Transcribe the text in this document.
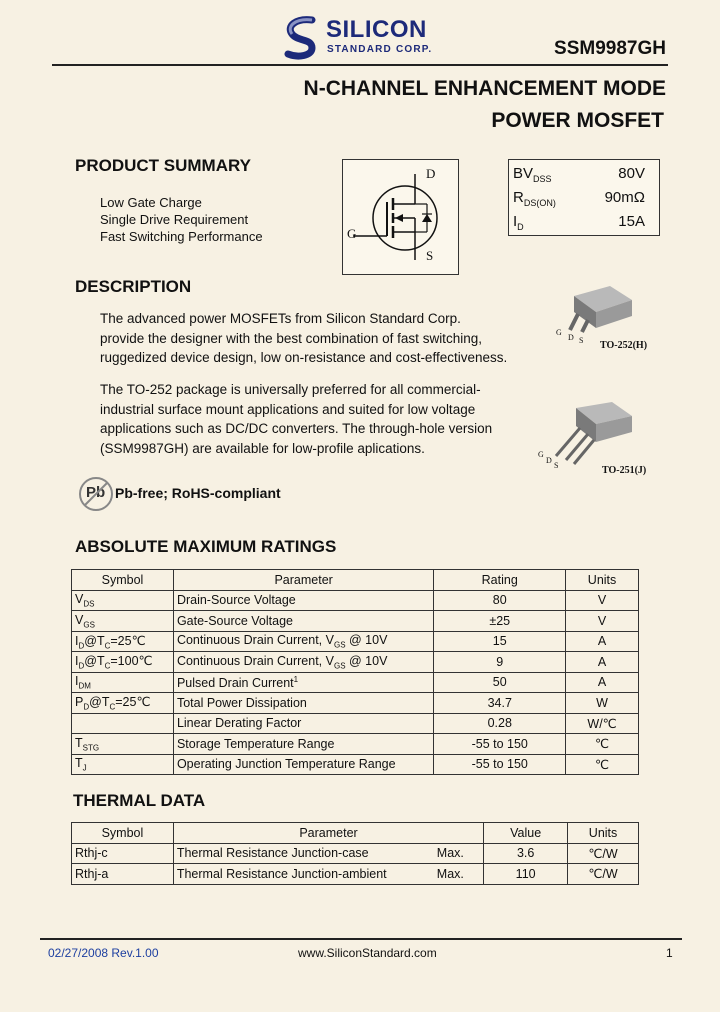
SILICON
STANDARD CORP.	SSM9987GH
N-CHANNEL ENHANCEMENT MODE
POWER MOSFET
PRODUCT SUMMARY
Low Gate Charge
Single Drive Requirement
Fast Switching Performance
D
G
S
$BV_{DSS}$	80V
$R_{DS(ON)}$	90mΩ
$I_D$	15A
DESCRIPTION
The advanced power MOSFETs from Silicon Standard Corp.
provide the designer with the best combination of fast switching,
ruggedized device design, low on-resistance and cost-effectiveness.
The TO-252 package is universally preferred for all commercial-
industrial surface mount applications and suited for low voltage
applications such as DC/DC converters. The through-hole version
(SSM9987GH) are available for low-profile aplications.
G
D S TO-252(H)
G
D
S	TO-251(J)
Pb Pb-free; RoHS-compliant
ABSOLUTE MAXIMUM RATINGS
Symbol	Parameter	Rating	Units
$V_{DS}$	Drain-Source Voltage	80	V
$V_{GS}$	Gate-Source Voltage	±25	V
$I_D@T_C=25℃$	Continuous Drain Current, $V_{GS}$ @ 10V	15	A
$I_D@T_C=100℃$	Continuous Drain Current, $V_{GS}$ @ 10V	9	A
$I_{DM}$	Pulsed Drain Current$^1$	50	A
$P_D@T_C=25℃$	Total Power Dissipation	34.7	W
	Linear Derating Factor	0.28	W/℃
$T_{STG}$	Storage Temperature Range	-55 to 150	℃
$T_J$	Operating Junction Temperature Range	-55 to 150	℃
THERMAL DATA
Symbol	Parameter		Value	Units
Rthj-c	Thermal Resistance Junction-case	Max.	3.6	℃/W
Rthj-a	Thermal Resistance Junction-ambient	Max.	110	℃/W
02/27/2008 Rev.1.00	www.SiliconStandard.com	1
